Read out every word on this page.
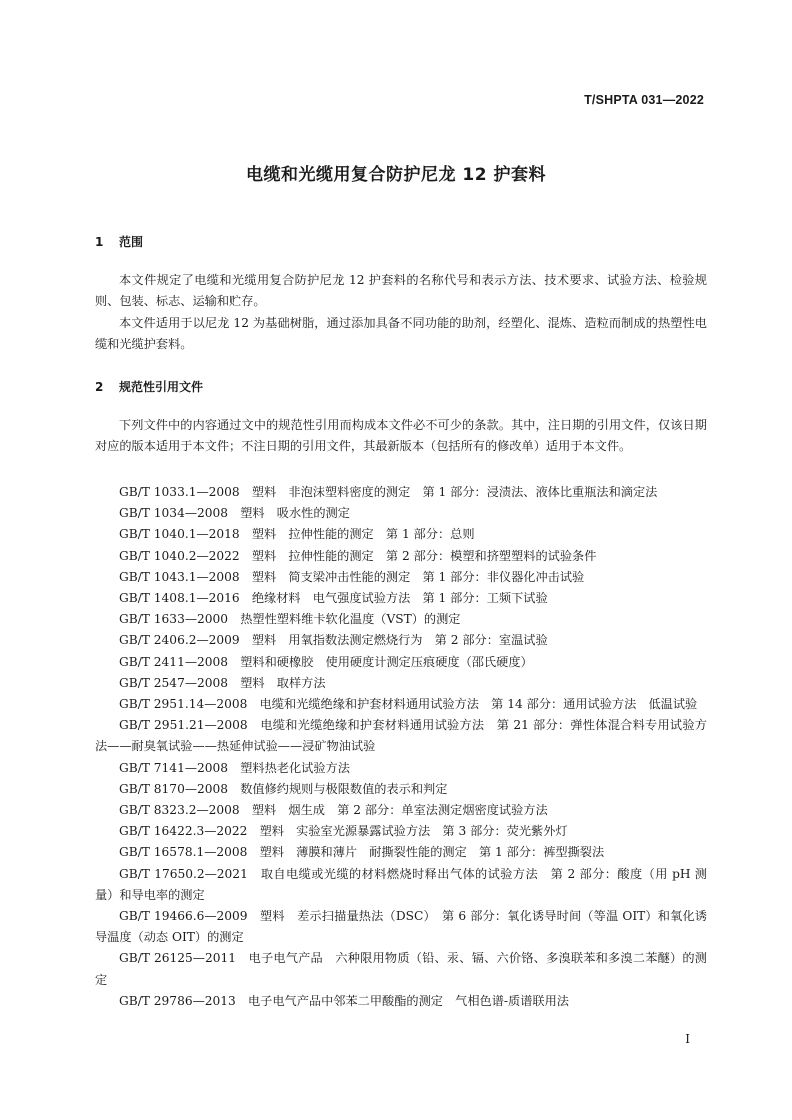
T/SHPTA 031—2022
电缆和光缆用复合防护尼龙 12 护套料
1 范围

本文件规定了电缆和光缆用复合防护尼龙 12 护套料的名称代号和表示方法、技术要求、试验方法、检验规则、包装、标志、运输和贮存。

本文件适用于以尼龙 12 为基础树脂，通过添加具备不同功能的助剂，经塑化、混炼、造粒而制成的热塑性电缆和光缆护套料。

2 规范性引用文件

下列文件中的内容通过文中的规范性引用而构成本文件必不可少的条款。其中，注日期的引用文件，仅该日期对应的版本适用于本文件；不注日期的引用文件，其最新版本（包括所有的修改单）适用于本文件。

GB/T 1033.1—2008　塑料　非泡沫塑料密度的测定　第 1 部分：浸渍法、液体比重瓶法和滴定法

GB/T 1034—2008　塑料　吸水性的测定

GB/T 1040.1—2018　塑料　拉伸性能的测定　第 1 部分：总则

GB/T 1040.2—2022　塑料　拉伸性能的测定　第 2 部分：模塑和挤塑塑料的试验条件

GB/T 1043.1—2008　塑料　简支梁冲击性能的测定　第 1 部分：非仪器化冲击试验

GB/T 1408.1—2016　绝缘材料　电气强度试验方法　第 1 部分：工频下试验

GB/T 1633—2000　热塑性塑料维卡软化温度（VST）的测定

GB/T 2406.2—2009　塑料　用氧指数法测定燃烧行为　第 2 部分：室温试验

GB/T 2411—2008　塑料和硬橡胶　使用硬度计测定压痕硬度（邵氏硬度）

GB/T 2547—2008　塑料　取样方法

GB/T 2951.14—2008　电缆和光缆绝缘和护套材料通用试验方法　第 14 部分：通用试验方法　低温试验

GB/T 2951.21—2008　电缆和光缆绝缘和护套材料通用试验方法　第 21 部分：弹性体混合料专用试验方法——耐臭氧试验——热延伸试验——浸矿物油试验

GB/T 7141—2008　塑料热老化试验方法

GB/T 8170—2008　数值修约规则与极限数值的表示和判定

GB/T 8323.2—2008　塑料　烟生成　第 2 部分：单室法测定烟密度试验方法

GB/T 16422.3—2022　塑料　实验室光源暴露试验方法　第 3 部分：荧光紫外灯

GB/T 16578.1—2008　塑料　薄膜和薄片　耐撕裂性能的测定　第 1 部分：裤型撕裂法

GB/T 17650.2—2021　取自电缆或光缆的材料燃烧时释出气体的试验方法　第 2 部分：酸度（用 pH 测量）和导电率的测定

GB/T 19466.6—2009　塑料　差示扫描量热法（DSC）　第 6 部分：氧化诱导时间（等温 OIT）和氧化诱导温度（动态 OIT）的测定

GB/T 26125—2011　电子电气产品　六种限用物质（铅、汞、镉、六价铬、多溴联苯和多溴二苯醚）的测定

GB/T 29786—2013　电子电气产品中邻苯二甲酸酯的测定　气相色谱-质谱联用法

I
